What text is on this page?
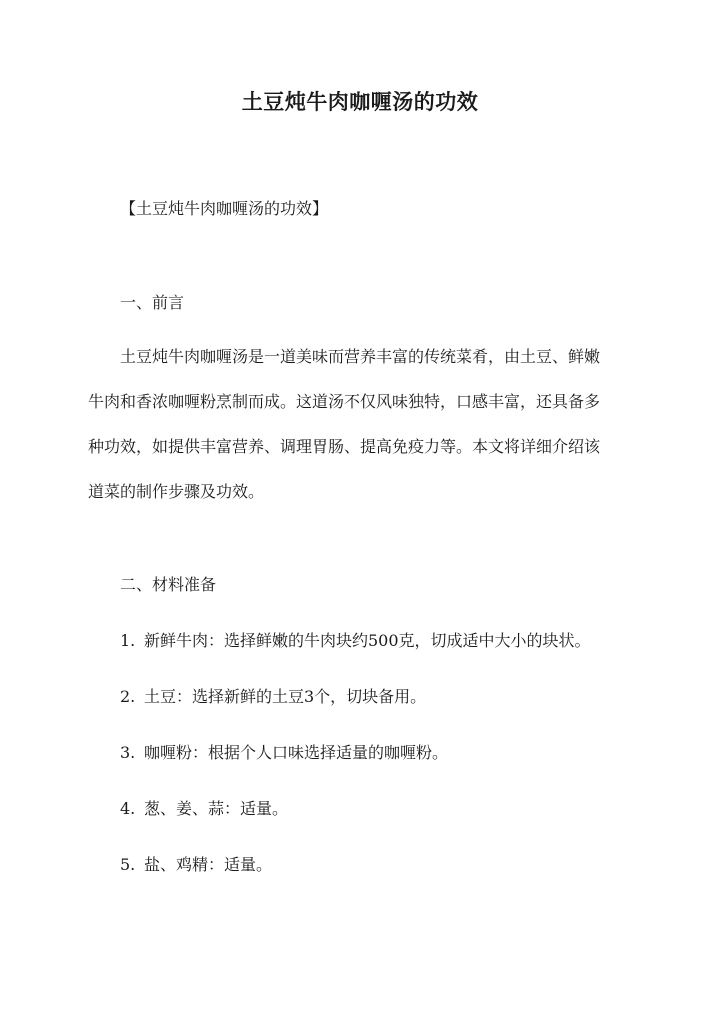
土豆炖牛肉咖喱汤的功效
【土豆炖牛肉咖喱汤的功效】
一、前言
土豆炖牛肉咖喱汤是一道美味而营养丰富的传统菜肴，由土豆、鲜嫩
牛肉和香浓咖喱粉烹制而成。这道汤不仅风味独特，口感丰富，还具备多
种功效，如提供丰富营养、调理胃肠、提高免疫力等。本文将详细介绍该
道菜的制作步骤及功效。
二、材料准备
1. 新鲜牛肉：选择鲜嫩的牛肉块约500克，切成适中大小的块状。
2. 土豆：选择新鲜的土豆3个，切块备用。
3. 咖喱粉：根据个人口味选择适量的咖喱粉。
4. 葱、姜、蒜：适量。
5. 盐、鸡精：适量。
